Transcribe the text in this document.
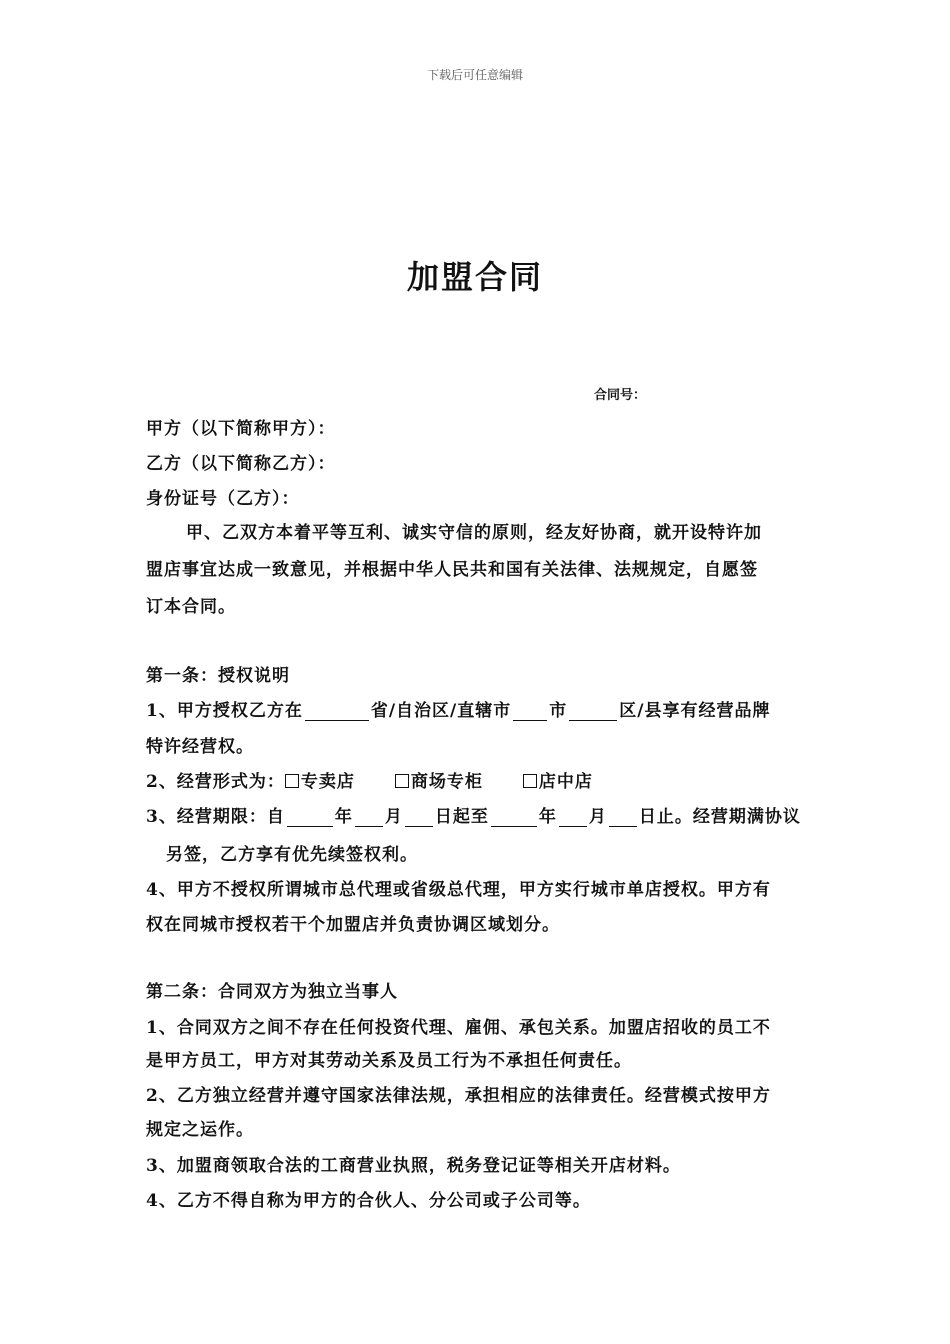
下载后可任意编辑
加盟合同
合同号：
甲方（以下简称甲方）：
乙方（以下简称乙方）：
身份证号（乙方）：
甲、乙双方本着平等互利、诚实守信的原则，经友好协商，就开设特许加
盟店事宜达成一致意见，并根据中华人民共和国有关法律、法规规定，自愿签
订本合同。
第一条：授权说明
1、甲方授权乙方在	省/自治区/直辖市 市	区/县享有经营品牌
特许经营权。
2、经营形式为： 专卖店	商场专柜	店中店
3、经营期限：自	年 月 日起至	年 月 日止。经营期满协议
另签，乙方享有优先续签权利。
4、甲方不授权所谓城市总代理或省级总代理，甲方实行城市单店授权。甲方有
权在同城市授权若干个加盟店并负责协调区域划分。
第二条：合同双方为独立当事人
1、合同双方之间不存在任何投资代理、雇佣、承包关系。加盟店招收的员工不
是甲方员工，甲方对其劳动关系及员工行为不承担任何责任。
2、乙方独立经营并遵守国家法律法规，承担相应的法律责任。经营模式按甲方
规定之运作。
3、加盟商领取合法的工商营业执照，税务登记证等相关开店材料。
4、乙方不得自称为甲方的合伙人、分公司或子公司等。
